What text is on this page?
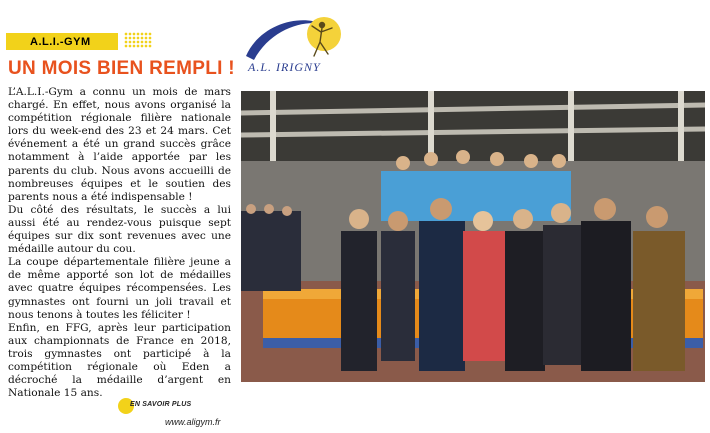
A.L.I.-GYM
UN MOIS BIEN REMPLI ! A.L. IRIGNY

L’A.L.I.-Gym a connu un mois de mars chargé. En effet, nous avons organisé la compétition régionale filière nationale lors du week-end des 23 et 24 mars. Cet événement a été un grand succès grâce notamment à l’aide apportée par les parents du club. Nous avons accueilli de nombreuses équipes et le soutien des parents nous a été indispensable !

Du côté des résultats, le succès a lui aussi été au rendez-vous puisque sept équipes sur dix sont revenues avec une médaille autour du cou.

La coupe départementale filière jeune a de même apporté son lot de médailles avec quatre équipes récompensées. Les gymnastes ont fourni un joli travail et nous tenons à toutes les féliciter !

Enfin, en FFG, après leur participation aux championnats de France en 2018, trois gymnastes ont participé à la compétition régionale où Eden a décroché la médaille d’argent en Nationale 15 ans.

EN SAVOIR PLUS
www.aligym.fr
